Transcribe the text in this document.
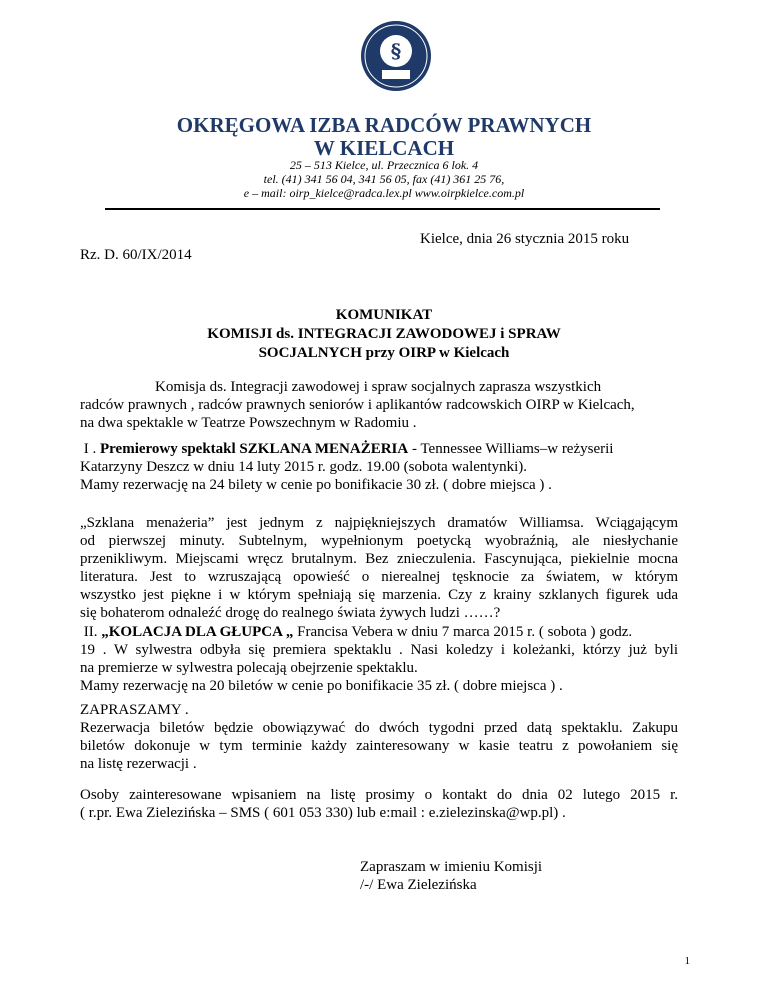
§
OKRĘGOWA IZBA RADCÓW PRAWNYCH
W KIELCACH
25 – 513 Kielce, ul. Przecznica 6 lok. 4
tel. (41) 341 56 04, 341 56 05, fax (41) 361 25 76,
e – mail: oirp_kielce@radca.lex.pl www.oirpkielce.com.pl
Kielce, dnia 26 stycznia 2015 roku
Rz. D. 60/IX/2014
KOMUNIKAT
KOMISJI ds. INTEGRACJI ZAWODOWEJ i SPRAW
SOCJALNYCH przy OIRP w Kielcach
Komisja ds. Integracji zawodowej i spraw socjalnych zaprasza wszystkich
radców prawnych , radców prawnych seniorów i aplikantów radcowskich OIRP w Kielcach,
na dwa spektakle w Teatrze Powszechnym w Radomiu .
I . Premierowy spektakl SZKLANA MENAŻERIA - Tennessee Williams–w reżyserii
Katarzyny Deszcz w dniu 14 luty 2015 r. godz. 19.00 (sobota walentynki).
Mamy rezerwację na 24 bilety w cenie po bonifikacie 30 zł. ( dobre miejsca ) .
„Szklana menażeria” jest jednym z najpiękniejszych dramatów Williamsa. Wciągającym
od pierwszej minuty. Subtelnym, wypełnionym poetycką wyobraźnią, ale niesłychanie
przenikliwym. Miejscami wręcz brutalnym. Bez znieczulenia. Fascynująca, piekielnie mocna
literatura. Jest to wzruszającą opowieść o nierealnej tęsknocie za światem, w którym
wszystko jest piękne i w którym spełniają się marzenia. Czy z krainy szklanych figurek uda
się bohaterom odnaleźć drogę do realnego świata żywych ludzi ……?
II. „KOLACJA DLA GŁUPCA „ Francisa Vebera w dniu 7 marca 2015 r. ( sobota ) godz.
19 . W sylwestra odbyła się premiera spektaklu . Nasi koledzy i koleżanki, którzy już byli
na premierze w sylwestra polecają obejrzenie spektaklu.
Mamy rezerwację na 20 biletów w cenie po bonifikacie 35 zł. ( dobre miejsca ) .
ZAPRASZAMY .
Rezerwacja biletów będzie obowiązywać do dwóch tygodni przed datą spektaklu. Zakupu
biletów dokonuje w tym terminie każdy zainteresowany w kasie teatru z powołaniem się
na listę rezerwacji .
Osoby zainteresowane wpisaniem na listę prosimy o kontakt do dnia 02 lutego 2015 r.
( r.pr. Ewa Zielezińska – SMS ( 601 053 330) lub e:mail : e.zielezinska@wp.pl) .
Zapraszam w imieniu Komisji
/-/ Ewa Zielezińska
1
